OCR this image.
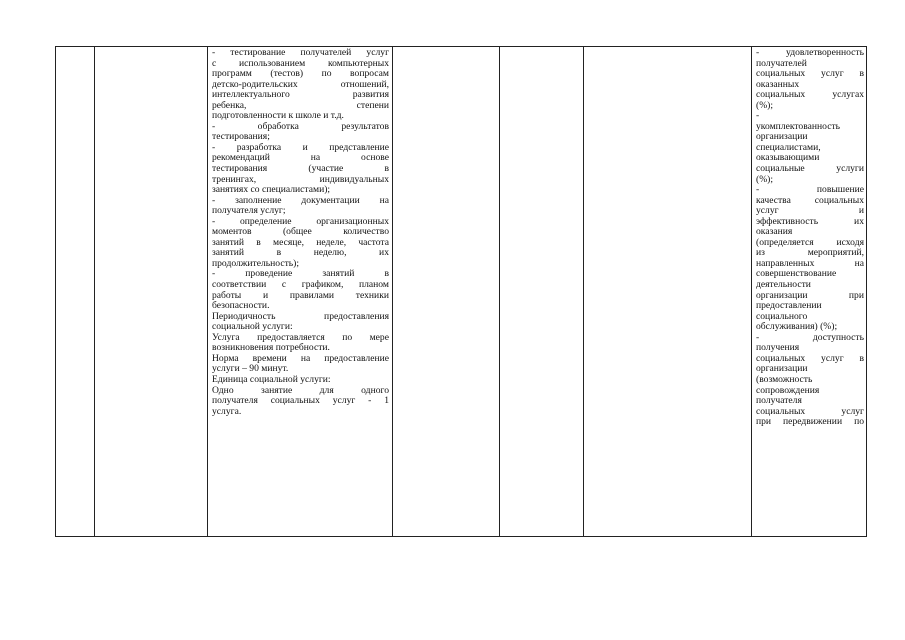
- тестирование получателей услуг
с использованием компьютерных
программ (тестов) по вопросам
детско-родительских отношений,
интеллектуального развития
ребенка, степени
подготовленности к школе и т.д.
- обработка результатов
тестирования;
- разработка и представление
рекомендаций на основе
тестирования (участие в
тренингах, индивидуальных
занятиях со специалистами);
- заполнение документации на
получателя услуг;
- определение организационных
моментов (общее количество
занятий в месяце, неделе, частота
занятий в неделю, их
продолжительность);
- проведение занятий в
соответствии с графиком, планом
работы и правилами техники
безопасности.
Периодичность предоставления
социальной услуги:
Услуга предоставляется по мере
возникновения потребности.
Норма времени на предоставление
услуги – 90 минут.
Единица социальной услуги:
Одно занятие для одного
получателя социальных услуг - 1
услуга.

- удовлетворенность
получателей
социальных услуг в
оказанных
социальных услугах
(%);
-
укомплектованность
организации
специалистами,
оказывающими
социальные услуги
(%);
- повышение
качества социальных
услуг и
эффективность их
оказания
(определяется исходя
из мероприятий,
направленных на
совершенствование
деятельности
организации при
предоставлении
социального
обслуживания) (%);
- доступность
получения
социальных услуг в
организации
(возможность
сопровождения
получателя
социальных услуг
при передвижении по
